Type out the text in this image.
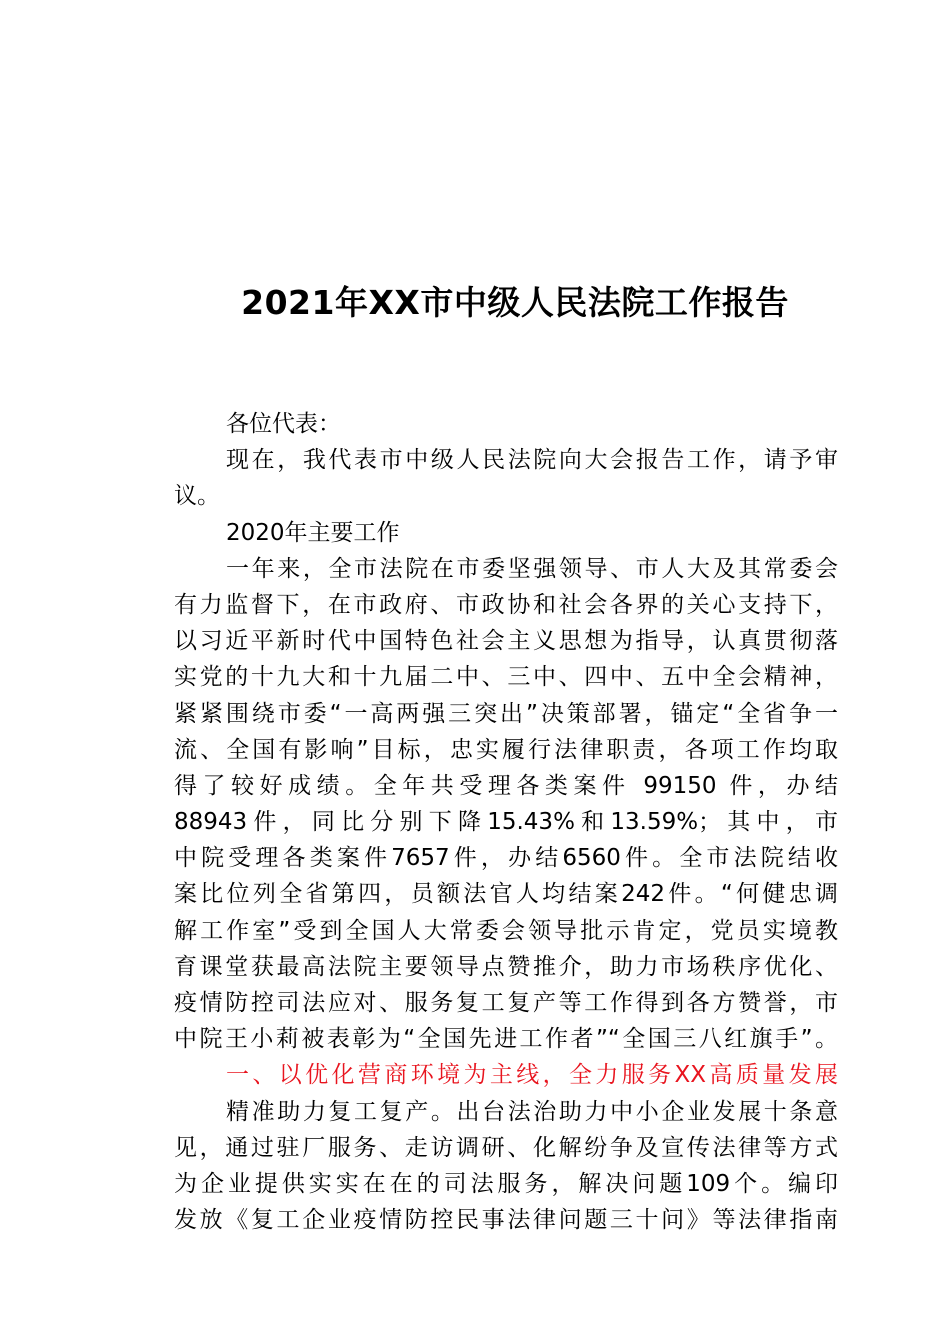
2021年XX市中级人民法院工作报告
各位代表：
现在，我代表市中级人民法院向大会报告工作，请予审
议。
2020年主要工作
一年来，全市法院在市委坚强领导、市人大及其常委会
有力监督下，在市政府、市政协和社会各界的关心支持下，
以习近平新时代中国特色社会主义思想为指导，认真贯彻落
实党的十九大和十九届二中、三中、四中、五中全会精神，
紧紧围绕市委“一高两强三突出”决策部署，锚定“全省争一
流、全国有影响”目标，忠实履行法律职责，各项工作均取
得了较好成绩。全年共受理各类案件 99150 件，办结
88943件，同比分别下降15.43%和13.59%；其中，市
中院受理各类案件7657件，办结6560件。全市法院结收
案比位列全省第四，员额法官人均结案242件。“何健忠调
解工作室”受到全国人大常委会领导批示肯定，党员实境教
育课堂获最高法院主要领导点赞推介，助力市场秩序优化、
疫情防控司法应对、服务复工复产等工作得到各方赞誉，市
中院王小莉被表彰为“全国先进工作者”“全国三八红旗手”。
一、以优化营商环境为主线，全力服务XX高质量发展
精准助力复工复产。出台法治助力中小企业发展十条意
见，通过驻厂服务、走访调研、化解纷争及宣传法律等方式
为企业提供实实在在的司法服务，解决问题109个。编印
发放《复工企业疫情防控民事法律问题三十问》等法律指南
